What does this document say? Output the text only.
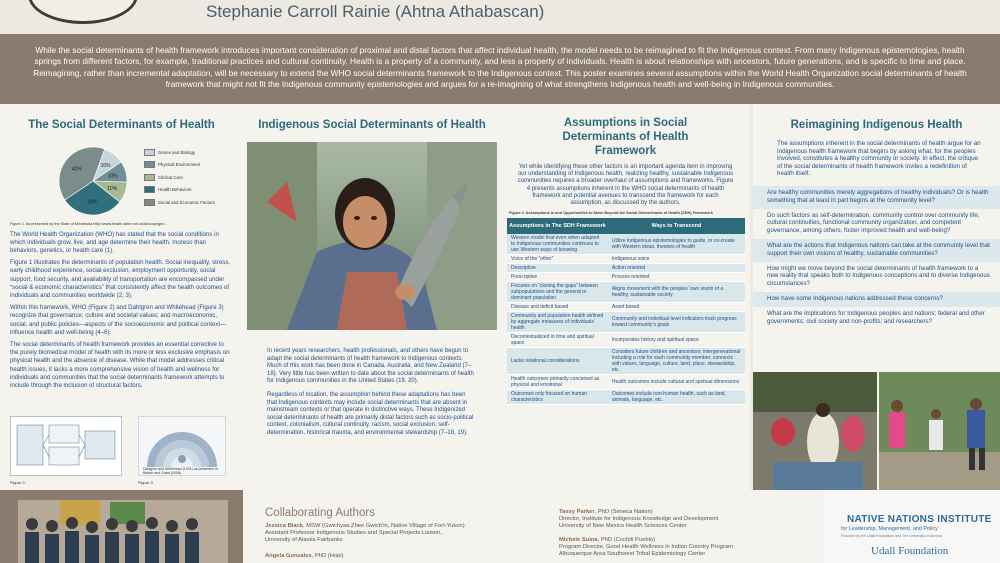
Stephanie Carroll Rainie (Ahtna Athabascan)
While the social determinants of health framework introduces important consideration of proximal and distal factors that affect individual health, the model needs to be reimagined to fit the Indigenous context. From many Indigenous epistemologies, health springs from different factors, for example, traditional practices and cultural continuity. Health is a property of a community, and less a property of individuals. Health is about relationships with ancestors, future generations, and is specific to time and place. Reimagining, rather than incremental adaptation, will be necessary to extend the WHO social determinants framework to the Indigenous context. This poster examines several assumptions within the World Health Organization social determinants of health framework that might not fit the Indigenous community epistemologies and argues for a re-imagining of what strengthens Indigenous health and well-being in Indigenous communities.
The Social Determinants of Health
10%
10%
10%
30%
40%
Genes and Biology
Physical Environment
Clinical Care
Health Behaviors
Social and Economic Factors
Figure 1. As presented by the State of Minnesota http://www.health.state.mn.us/divs/opi/gm/...
The World Health Organization (WHO) has stated that the social conditions in which individuals grow, live, and age determine their health, moreso than behaviors, genetics, or health care (1).
Figure 1 illustrates the determinants of population health. Social inequality, stress, early childhood experience, social exclusion, employment opportunity, social support, food security, and availability of transportation are encompassed under “social & economic characteristics” that consistently affect the health outcomes of individuals and communities worldwide (2, 3).
Within this framework, WHO (Figure 2) and Dahlgren and Whitehead (Figure 3) recognize that governance; culture and societal values; and macroeconomic, social, and public policies—aspects of the socioeconomic and political context—influence health and well-being (4–6).
The social determinants of health framework provides an essential corrective to the purely biomedical model of health with its more or less exclusive emphasis on physical health and the absence of disease. While that model addresses critical health issues, it lacks a more comprehensive vision of health and wellness for individuals and communities that the social determinants framework attempts to include through the inclusion of structural factors.
Dahlgren and Whitehead (1991) as presented in Barton and Grant (2006)
Figure 2.	Figure 3.
Indigenous Social Determinants of Health
In recent years researchers, health professionals, and others have begun to adapt the social determinants of health framework to Indigenous contexts. Much of this work has been done in Canada, Australia, and New Zealand (7–18). Very little has been written to date about the social determinants of health for Indigenous communities in the United States (19, 20).
Regardless of location, the assumption behind these adaptations has been that Indigenous contexts may include social determinants that are absent in mainstream contexts or that operate in distinctive ways. These Indigenized social determinants of health are primarily distal factors such as socio-political context, colonialism, cultural continuity, racism, social exclusion, self-determination, historical trauma, and environmental stewardship (7–18, 19).
Assumptions in Social Determinants of Health Framework
Yet while identifying these other factors is an important agenda item in improving our understanding of Indigenous health, realizing healthy, sustainable Indigenous communities requires a broader overhaul of assumptions and frameworks. Figure 4 presents assumptions inherent in the WHO social determinants of health framework and potential avenues to transcend the framework for each assumption, as discussed by the authors.
Figure 4. Assumptions In and Opportunities to Move Beyond the Social Determinants of Health (SDH) Framework
Assumptions in The SDH Framework	Ways to Transcend
Western model that even when adapted to Indigenous communities continues to use Western ways of knowing	Utilize Indigenous epistemologies to guide, or co-create with Western ideas, theories of health
Voice of the “other”	Indigenous voice
Descriptive	Action oriented
Prescriptive	Process oriented
Focuses on “closing the gaps” between subpopulations and the general or dominant population	Aligns movement with the peoples’ own vision of a healthy, sustainable society
Disease and deficit based	Asset based
Community and population health defined by aggregate measures of individuals’ health	Community and individual level indicators track progress toward community’s goals
Decontextualized in time and spiritual space	Incorporates history and spiritual space
Lacks relational considerations	Considers future children and ancestors; intergenerational including a role for each community member; connects with values, language, culture, land, place, stewardship, etc.
Health outcomes primarily conceived as physical and emotional	Health outcomes include cultural and spiritual dimensions
Outcomes only focused on human characteristics	Outcomes include non-human health, such as land, animals, language, etc.
Reimagining Indigenous Health
The assumptions inherent in the social determinants of health argue for an Indigenous health framework that begins by asking what, for the peoples involved, constitutes a healthy community or society. In effect, the critique of the social determinants of health framework invites a redefinition of health itself.
Are healthy communities merely aggregations of healthy individuals? Or is health something that at least in part begins at the community level?
Do such factors as self-determination, community control over community life, cultural continuities, functional community organization, and competent governance, among others, foster improved health and well-being?
What are the actions that Indigenous nations can take at the community level that support their own visions of healthy, sustainable communities?
How might we move beyond the social determinants of health framework to a new reality that speaks both to Indigenous conceptions and to diverse Indigenous circumstances?
How have some Indigenous nations addressed these concerns?
What are the implications for Indigenous peoples and nations; federal and other governments; civil society and non-profits; and researchers?
Collaborating Authors
Jessica Black, MSW (Gwichyaa Zhee Gwich’in, Native Village of Fort-Yukon)
Assistant Professor Indigenous Studies and Special Projects Liaison,
University of Alaska Fairbanks
Angela Gonzales, PhD (Hopi)
Tassy Parker, PhD (Seneca Nation)
Director, Institute for Indigenous Knowledge and Development
University of New Mexico Health Sciences Center
Michele Suina, PhD (Cochiti Pueblo)
Program Director, Good Health Wellness in Indian Country Program
Albuquerque Area Southwest Tribal Epidemiology Center
NATIVE NATIONS INSTITUTE
for Leadership, Management, and Policy
Founded by the Udall Foundation and The University of Arizona
Udall Foundation
